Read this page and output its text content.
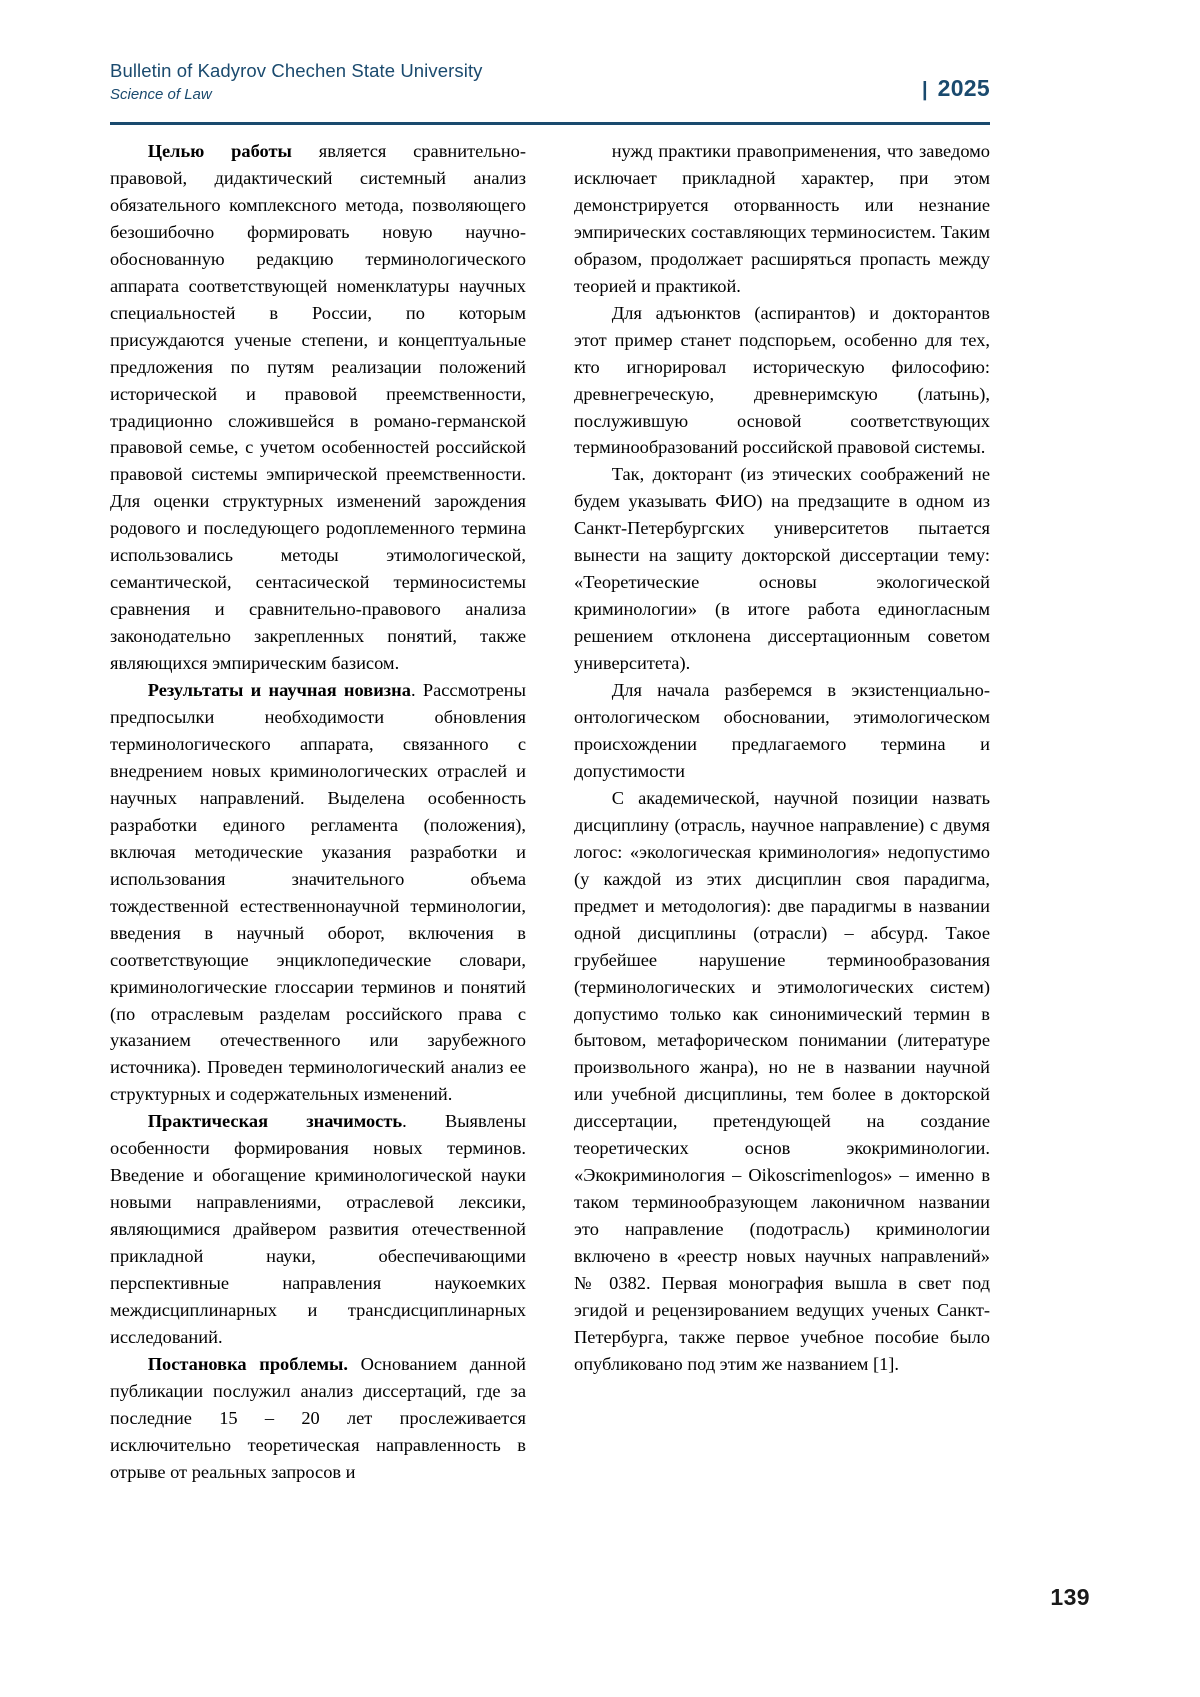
Bulletin of Kadyrov Chechen State University
Science of Law	| 2025

Целью работы является сравнительно-правовой, дидактический системный анализ обязательного комплексного метода, позволяющего безошибочно формировать новую научно-обоснованную редакцию терминологического аппарата соответствующей номенклатуры научных специальностей в России, по которым присуждаются ученые степени, и концептуальные предложения по путям реализации положений исторической и правовой преемственности, традиционно сложившейся в романо-германской правовой семье, с учетом особенностей российской правовой системы эмпирической преемственности. Для оценки структурных изменений зарождения родового и последующего родоплеменного термина использовались методы этимологической, семантической, сентасической терминосистемы сравнения и сравнительно-правового анализа законодательно закрепленных понятий, также являющихся эмпирическим базисом.

Результаты и научная новизна. Рассмотрены предпосылки необходимости обновления терминологического аппарата, связанного с внедрением новых криминологических отраслей и научных направлений. Выделена особенность разработки единого регламента (положения), включая методические указания разработки и использования значительного объема тождественной естественнонаучной терминологии, введения в научный оборот, включения в соответствующие энциклопедические словари, криминологические глоссарии терминов и понятий (по отраслевым разделам российского права с указанием отечественного или зарубежного источника). Проведен терминологический анализ ее структурных и содержательных изменений.

Практическая значимость. Выявлены особенности формирования новых терминов. Введение и обогащение криминологической науки новыми направлениями, отраслевой лексики, являющимися драйвером развития отечественной прикладной науки, обеспечивающими перспективные направления наукоемких междисциплинарных и трансдисциплинарных исследований.

Постановка проблемы. Основанием данной публикации послужил анализ диссертаций, где за последние 15 – 20 лет прослеживается исключительно теоретическая направленность в отрыве от реальных запросов и

нужд практики правоприменения, что заведомо исключает прикладной характер, при этом демонстрируется оторванность или незнание эмпирических составляющих терминосистем. Таким образом, продолжает расширяться пропасть между теорией и практикой.

Для адъюнктов (аспирантов) и докторантов этот пример станет подспорьем, особенно для тех, кто игнорировал историческую философию: древнегреческую, древнеримскую (латынь), послужившую основой соответствующих терминообразований российской правовой системы.

Так, докторант (из этических соображений не будем указывать ФИО) на предзащите в одном из Санкт-Петербургских университетов пытается вынести на защиту докторской диссертации тему: «Теоретические основы экологической криминологии» (в итоге работа единогласным решением отклонена диссертационным советом университета).

Для начала разберемся в экзистенциально-онтологическом обосновании, этимологическом происхождении предлагаемого термина и допустимости

С академической, научной позиции назвать дисциплину (отрасль, научное направление) с двумя логос: «экологическая криминология» недопустимо (у каждой из этих дисциплин своя парадигма, предмет и методология): две парадигмы в названии одной дисциплины (отрасли) – абсурд. Такое грубейшее нарушение терминообразования (терминологических и этимологических систем) допустимо только как синонимический термин в бытовом, метафорическом понимании (литературе произвольного жанра), но не в названии научной или учебной дисциплины, тем более в докторской диссертации, претендующей на создание теоретических основ экокриминологии. «Экокриминология – Oikoscrimenlogos» – именно в таком терминообразующем лаконичном названии это направление (подотрасль) криминологии включено в «реестр новых научных направлений» № 0382. Первая монография вышла в свет под эгидой и рецензированием ведущих ученых Санкт-Петербурга, также первое учебное пособие было опубликовано под этим же названием [1].

139
